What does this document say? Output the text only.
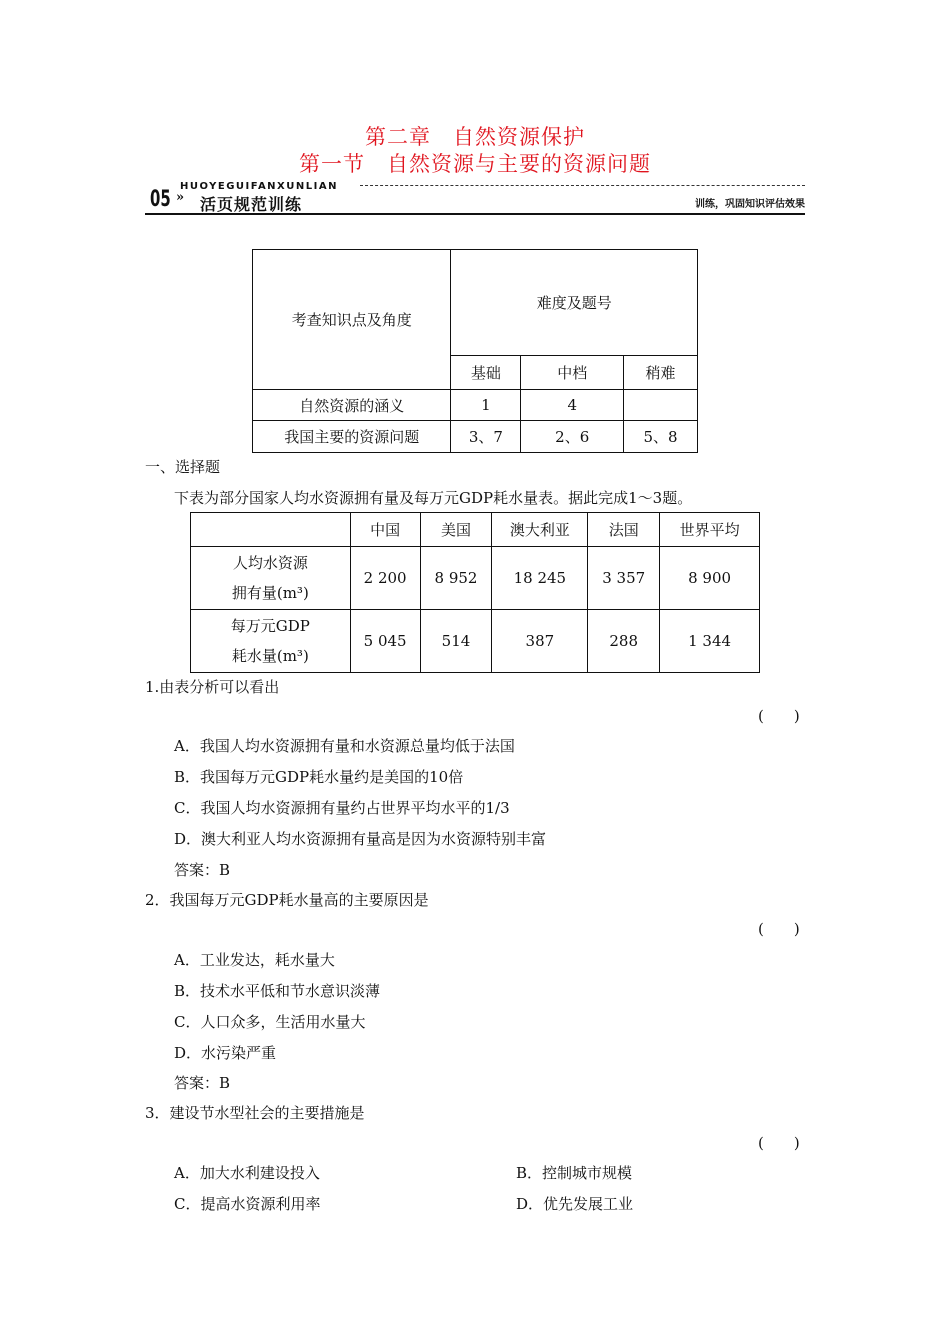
第二章　自然资源保护
第一节　自然资源与主要的资源问题
HUOYEGUIFANXUNLIAN
05 » 活页规范训练	训练，巩固知识评估效果
考查知识点及角度	难度及题号		
	基础	中档	稍难
自然资源的涵义	1	4	
我国主要的资源问题	3、7	2、6	5、8
一、选择题
下表为部分国家人均水资源拥有量及每万元GDP耗水量表。据此完成1～3题。
	中国	美国	澳大利亚	法国	世界平均

人均水资源
拥有量(m³)	2 200	8 952	18 245	3 357	8 900

每万元GDP
耗水量(m³)	5 045	514	387	288	1 344
1.由表分析可以看出
(　　)
A．我国人均水资源拥有量和水资源总量均低于法国
B．我国每万元GDP耗水量约是美国的10倍
C．我国人均水资源拥有量约占世界平均水平的1/3
D．澳大利亚人均水资源拥有量高是因为水资源特别丰富
答案：B
2．我国每万元GDP耗水量高的主要原因是
(　　)
A．工业发达，耗水量大
B．技术水平低和节水意识淡薄
C．人口众多，生活用水量大
D．水污染严重
答案：B
3．建设节水型社会的主要措施是
(　　)
A．加大水利建设投入	B．控制城市规模
C．提高水资源利用率	D．优先发展工业
